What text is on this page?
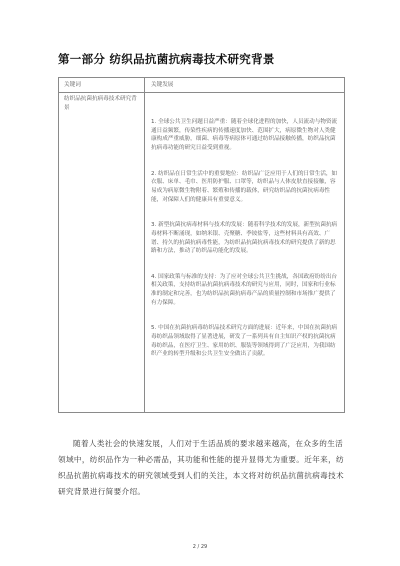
第一部分 纺织品抗菌抗病毒技术研究背景
关键词	关键发展
纺织品抗菌抗病毒技术研究背景

1. 全球公共卫生问题日益严重：随着全球化进程的加快，人员流动与物资流通日益频繁，传染性疾病的传播速度加快、范围扩大，病原微生物对人类健康构成严重威胁，细菌、病毒等病原体可通过纺织品接触传播，纺织品抗菌抗病毒功能的研究日益受到重视。

2. 纺织品在日常生活中的重要地位：纺织品广泛应用于人们的日常生活，如衣服、床单、毛巾、医用防护服、口罩等，纺织品与人体皮肤直接接触，容易成为病原微生物附着、繁殖和传播的载体，研究纺织品的抗菌抗病毒性能，对保障人们的健康具有重要意义。

3. 新型抗菌抗病毒材料与技术的发展：随着科学技术的发展，新型抗菌抗病毒材料不断涌现，如纳米银、壳聚糖、季铵盐等，这些材料具有高效、广谱、持久的抗菌抗病毒性能，为纺织品抗菌抗病毒技术的研究提供了新的思路和方法，推动了纺织品功能化的发展。

4. 国家政策与标准的支持：为了应对全球公共卫生挑战，各国政府纷纷出台相关政策，支持纺织品抗菌抗病毒技术的研究与应用，同时，国家和行业标准的制定和完善，也为纺织品抗菌抗病毒产品的质量控制和市场推广提供了有力保障。

5. 中国在抗菌抗病毒纺织品技术研究方面的进展：近年来，中国在抗菌抗病毒纺织品领域取得了显著进展，研发了一系列具有自主知识产权的抗菌抗病毒纺织品，在医疗卫生、家用纺织、服装等领域得到了广泛应用，为我国纺织产业的转型升级和公共卫生安全做出了贡献。

随着人类社会的快速发展，人们对于生活品质的要求越来越高，在众多的生活领域中，纺织品作为一种必需品，其功能和性能的提升显得尤为重要。近年来，纺织品抗菌抗病毒技术的研究领域受到人们的关注，本文将对纺织品抗菌抗病毒技术研究背景进行简要介绍。
2 / 29
